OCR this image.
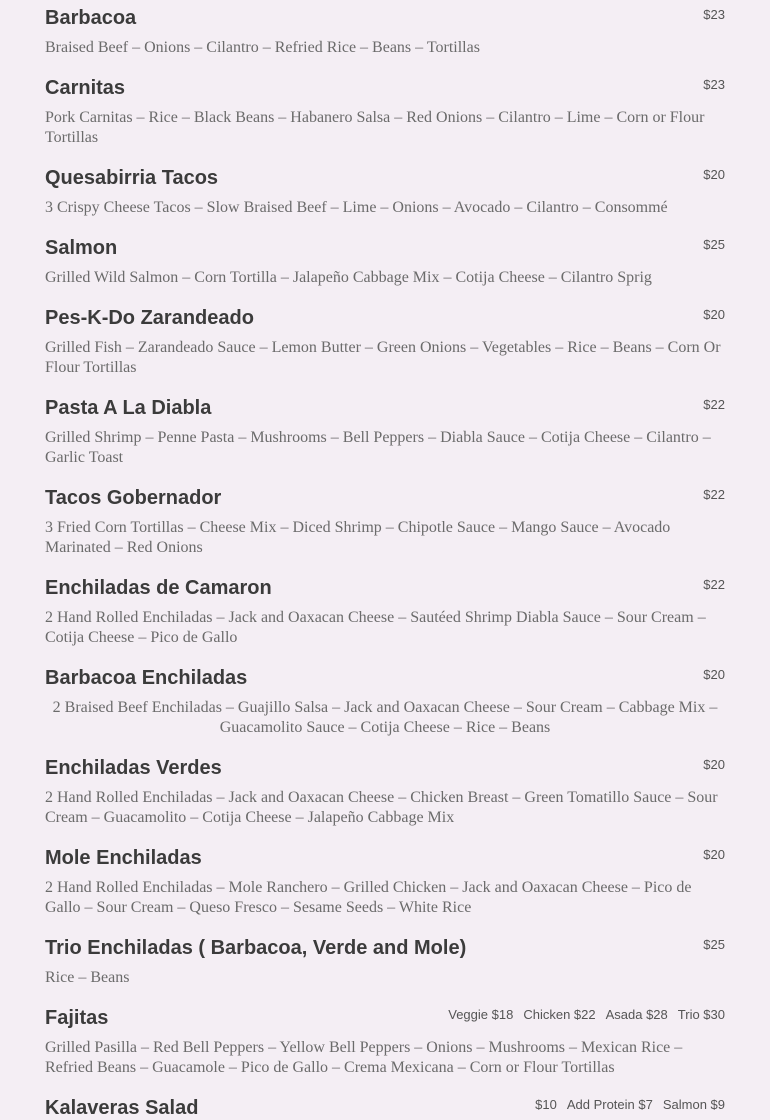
Barbacoa	$23
Braised Beef – Onions – Cilantro – Refried Rice – Beans – Tortillas
Carnitas	$23
Pork Carnitas – Rice – Black Beans – Habanero Salsa – Red Onions – Cilantro – Lime – Corn or Flour Tortillas
Quesabirria Tacos	$20
3 Crispy Cheese Tacos – Slow Braised Beef – Lime – Onions – Avocado – Cilantro – Consommé
Salmon	$25
Grilled Wild Salmon – Corn Tortilla – Jalapeño Cabbage Mix – Cotija Cheese – Cilantro Sprig
Pes-K-Do Zarandeado	$20
Grilled Fish – Zarandeado Sauce – Lemon Butter – Green Onions – Vegetables – Rice – Beans – Corn Or Flour Tortillas
Pasta A La Diabla	$22
Grilled Shrimp – Penne Pasta – Mushrooms – Bell Peppers – Diabla Sauce – Cotija Cheese – Cilantro – Garlic Toast
Tacos Gobernador	$22
3 Fried Corn Tortillas – Cheese Mix – Diced Shrimp – Chipotle Sauce – Mango Sauce – Avocado Marinated – Red Onions
Enchiladas de Camaron	$22
2 Hand Rolled Enchiladas – Jack and Oaxacan Cheese – Sautéed Shrimp Diabla Sauce – Sour Cream – Cotija Cheese – Pico de Gallo
Barbacoa Enchiladas	$20
2 Braised Beef Enchiladas – Guajillo Salsa – Jack and Oaxacan Cheese – Sour Cream – Cabbage Mix – Guacamolito Sauce – Cotija Cheese – Rice – Beans
Enchiladas Verdes	$20
2 Hand Rolled Enchiladas – Jack and Oaxacan Cheese – Chicken Breast – Green Tomatillo Sauce – Sour Cream – Guacamolito – Cotija Cheese – Jalapeño Cabbage Mix
Mole Enchiladas	$20
2 Hand Rolled Enchiladas – Mole Ranchero – Grilled Chicken – Jack and Oaxacan Cheese – Pico de Gallo – Sour Cream – Queso Fresco – Sesame Seeds – White Rice
Trio Enchiladas ( Barbacoa, Verde and Mole)	$25
Rice – Beans
Fajitas	Veggie $18 Chicken $22 Asada $28 Trio $30
Grilled Pasilla – Red Bell Peppers – Yellow Bell Peppers – Onions – Mushrooms – Mexican Rice – Refried Beans – Guacamole – Pico de Gallo – Crema Mexicana – Corn or Flour Tortillas
Kalaveras Salad	$10 Add Protein $7 Salmon $9
